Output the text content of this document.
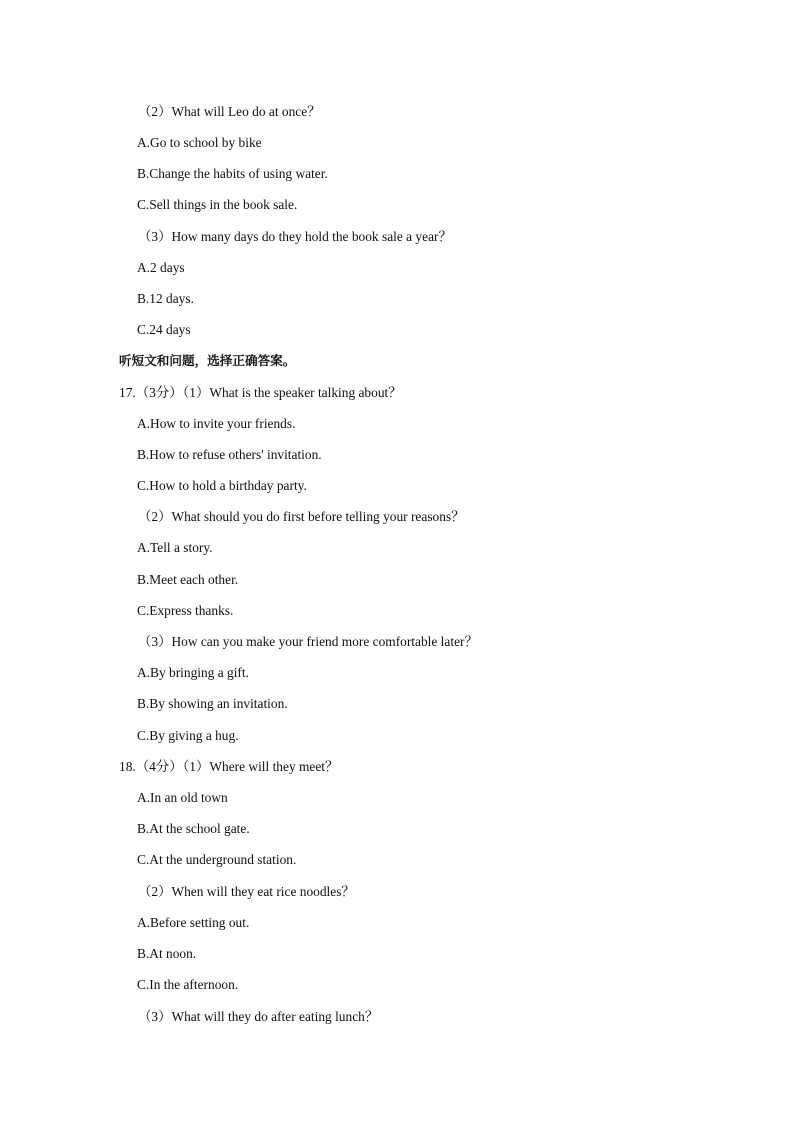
（2）What will Leo do at once？
A.Go to school by bike
B.Change the habits of using water.
C.Sell things in the book sale.
（3）How many days do they hold the book sale a year？
A.2 days
B.12 days.
C.24 days
听短文和问题，选择正确答案。
17.（3分）（1）What is the speaker talking about？
A.How to invite your friends.
B.How to refuse others' invitation.
C.How to hold a birthday party.
（2）What should you do first before telling your reasons？
A.Tell a story.
B.Meet each other.
C.Express thanks.
（3）How can you make your friend more comfortable later？
A.By bringing a gift.
B.By showing an invitation.
C.By giving a hug.
18.（4分）（1）Where will they meet？
A.In an old town
B.At the school gate.
C.At the underground station.
（2）When will they eat rice noodles？
A.Before setting out.
B.At noon.
C.In the afternoon.
（3）What will they do after eating lunch？
